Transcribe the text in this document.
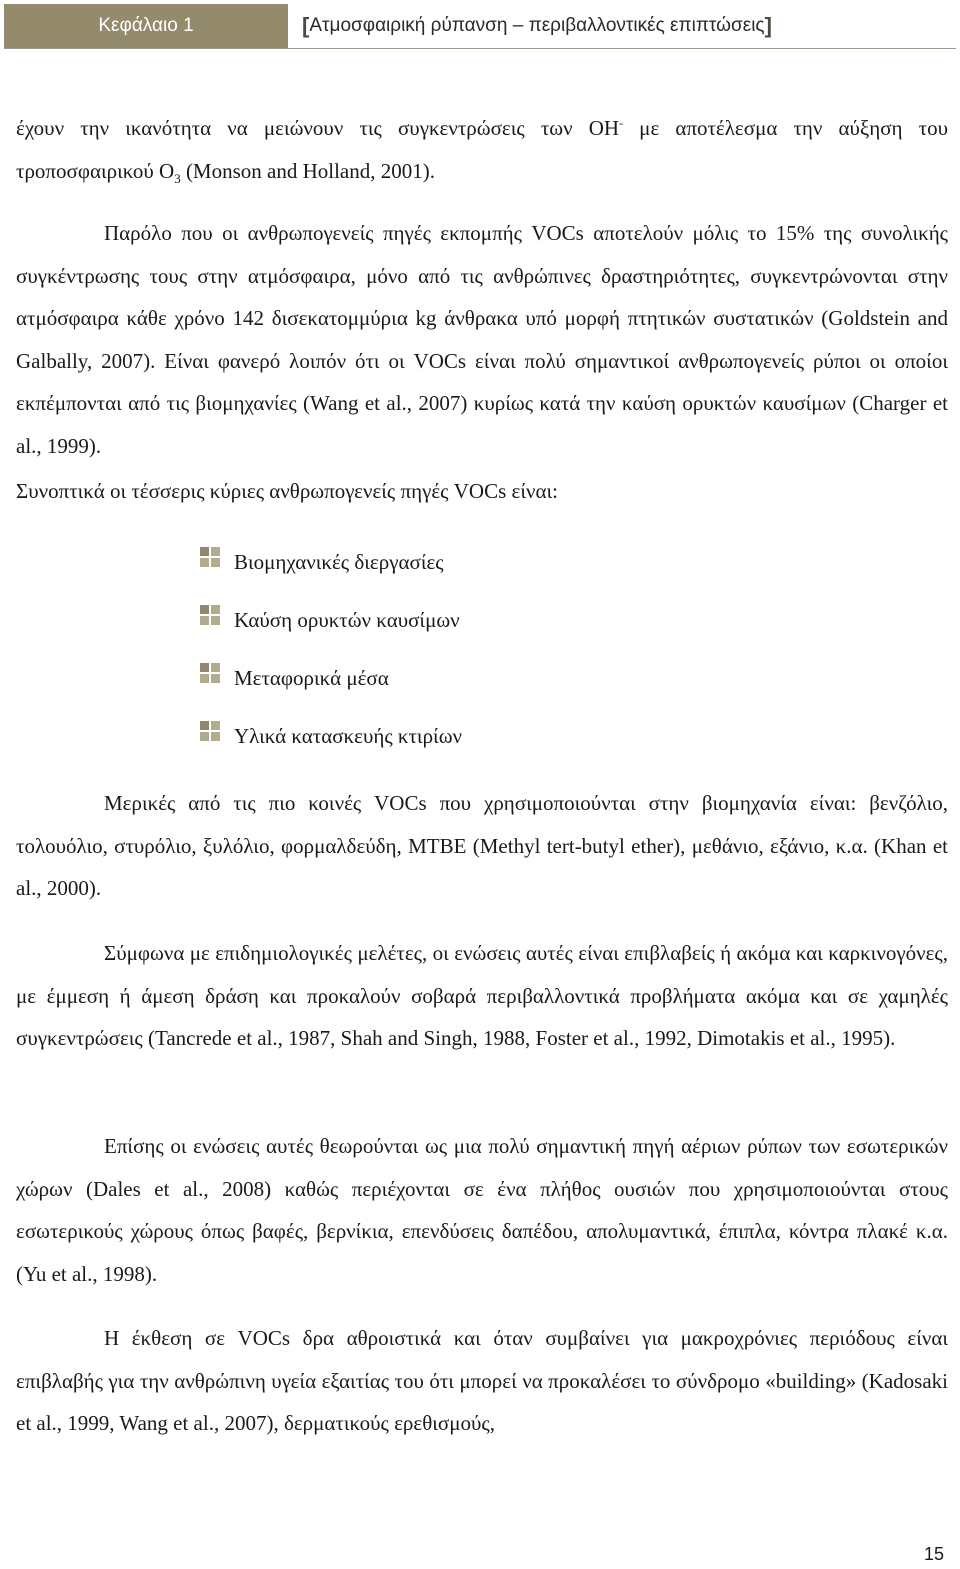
Κεφάλαιο 1	[ Ατμοσφαιρική ρύπανση – περιβαλλοντικές επιπτώσεις ]

έχουν την ικανότητα να μειώνουν τις συγκεντρώσεις των OH- με αποτέλεσμα την αύξηση του τροποσφαιρικού $O_3$ (Monson and Holland, 2001).

Παρόλο που οι ανθρωπογενείς πηγές εκπομπής VOCs αποτελούν μόλις το 15% της συνολικής συγκέντρωσης τους στην ατμόσφαιρα, μόνο από τις ανθρώπινες δραστηριότητες, συγκεντρώνονται στην ατμόσφαιρα κάθε χρόνο 142 δισεκατομμύρια kg άνθρακα υπό μορφή πτητικών συστατικών (Goldstein and Galbally, 2007). Είναι φανερό λοιπόν ότι οι VOCs είναι πολύ σημαντικοί ανθρωπογενείς ρύποι οι οποίοι εκπέμπονται από τις βιομηχανίες (Wang et al., 2007) κυρίως κατά την καύση ορυκτών καυσίμων (Charger et al., 1999).

Συνοπτικά οι τέσσερις κύριες ανθρωπογενείς πηγές VOCs είναι:

Βιομηχανικές διεργασίες
Καύση ορυκτών καυσίμων
Μεταφορικά μέσα
Υλικά κατασκευής κτιρίων

Μερικές από τις πιο κοινές VOCs που χρησιμοποιούνται στην βιομηχανία είναι: βενζόλιο, τολουόλιο, στυρόλιο, ξυλόλιο, φορμαλδεύδη, MTBE (Methyl tert-butyl ether), μεθάνιο, εξάνιο, κ.α. (Khan et al., 2000).

Σύμφωνα με επιδημιολογικές μελέτες, οι ενώσεις αυτές είναι επιβλαβείς ή ακόμα και καρκινογόνες, με έμμεση ή άμεση δράση και προκαλούν σοβαρά περιβαλλοντικά προβλήματα ακόμα και σε χαμηλές συγκεντρώσεις (Tancrede et al., 1987, Shah and Singh, 1988, Foster et al., 1992, Dimotakis et al., 1995).

Επίσης οι ενώσεις αυτές θεωρούνται ως μια πολύ σημαντική πηγή αέριων ρύπων των εσωτερικών χώρων (Dales et al., 2008) καθώς περιέχονται σε ένα πλήθος ουσιών που χρησιμοποιούνται στους εσωτερικούς χώρους όπως βαφές, βερνίκια, επενδύσεις δαπέδου, απολυμαντικά, έπιπλα, κόντρα πλακέ κ.α. (Yu et al., 1998).

Η έκθεση σε VOCs δρα αθροιστικά και όταν συμβαίνει για μακροχρόνιες περιόδους είναι επιβλαβής για την ανθρώπινη υγεία εξαιτίας του ότι μπορεί να προκαλέσει το σύνδρομο «building» (Kadosaki et al., 1999, Wang et al., 2007), δερματικούς ερεθισμούς,

15
